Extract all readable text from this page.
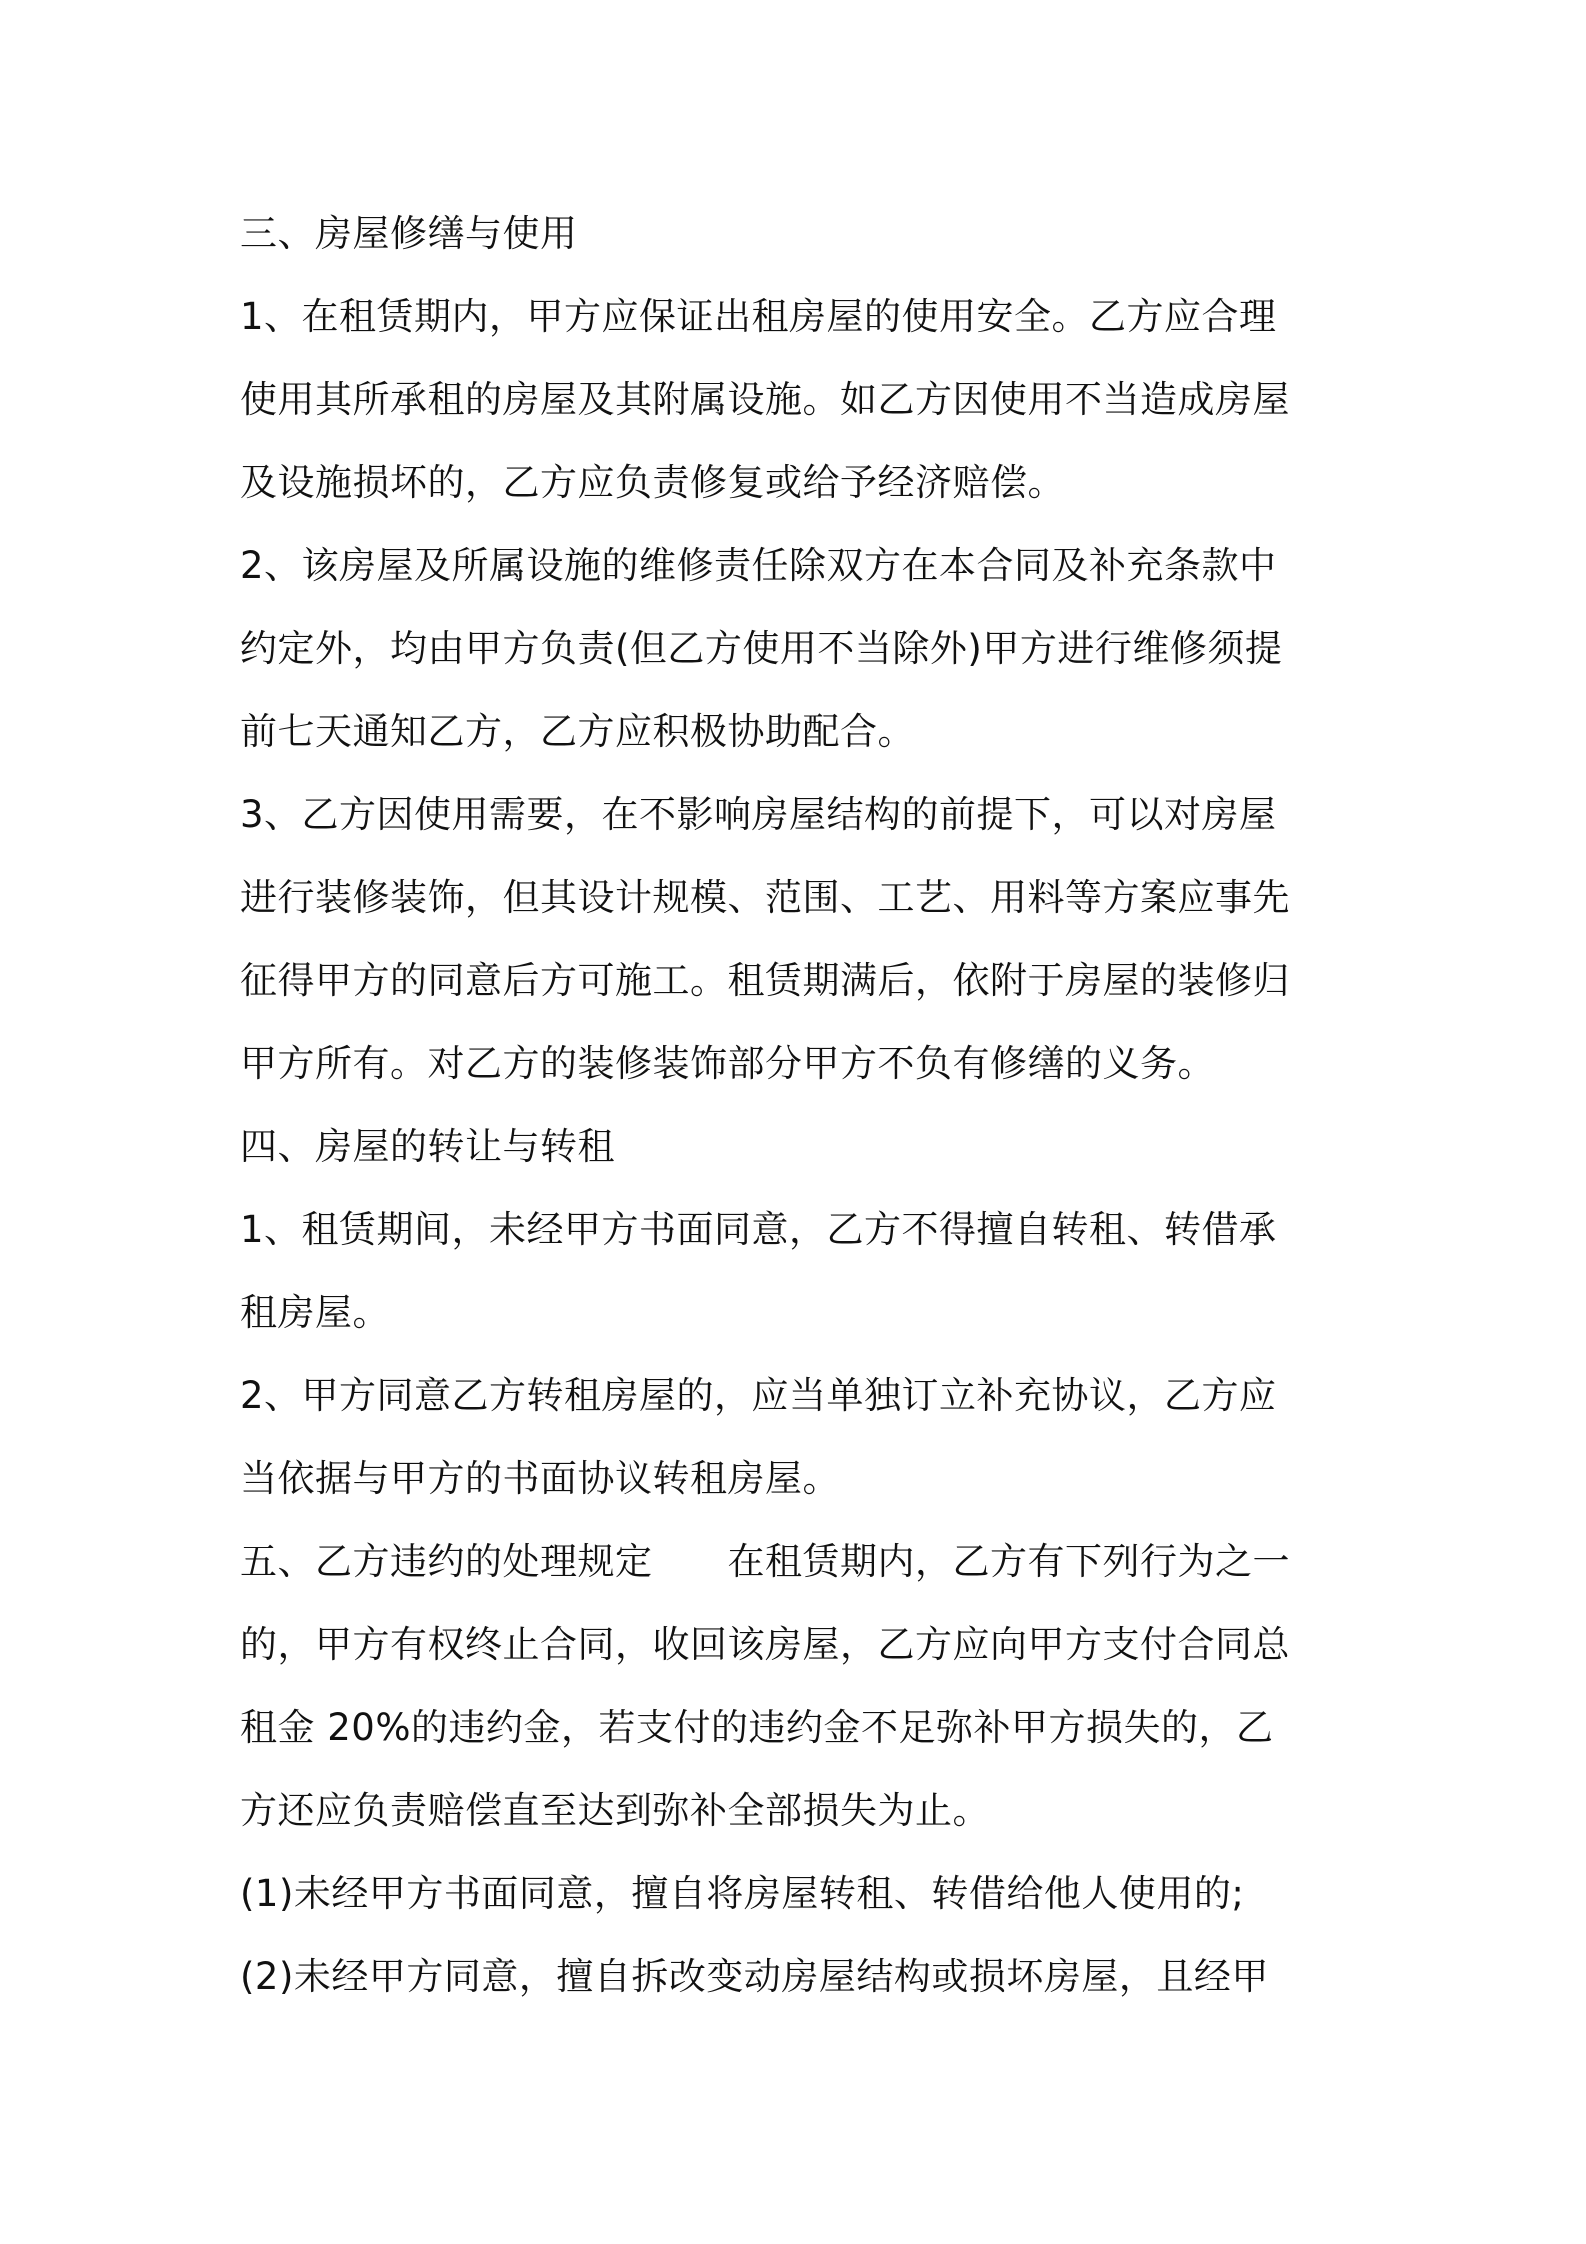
三、房屋修缮与使用
1、在租赁期内，甲方应保证出租房屋的使用安全。乙方应合理
使用其所承租的房屋及其附属设施。如乙方因使用不当造成房屋
及设施损坏的，乙方应负责修复或给予经济赔偿。
2、该房屋及所属设施的维修责任除双方在本合同及补充条款中
约定外，均由甲方负责(但乙方使用不当除外)甲方进行维修须提
前七天通知乙方，乙方应积极协助配合。
3、乙方因使用需要，在不影响房屋结构的前提下，可以对房屋
进行装修装饰，但其设计规模、范围、工艺、用料等方案应事先
征得甲方的同意后方可施工。租赁期满后，依附于房屋的装修归
甲方所有。对乙方的装修装饰部分甲方不负有修缮的义务。
四、房屋的转让与转租
1、租赁期间，未经甲方书面同意，乙方不得擅自转租、转借承
租房屋。
2、甲方同意乙方转租房屋的，应当单独订立补充协议，乙方应
当依据与甲方的书面协议转租房屋。
五、乙方违约的处理规定　　在租赁期内，乙方有下列行为之一
的，甲方有权终止合同，收回该房屋，乙方应向甲方支付合同总
租金 20%的违约金，若支付的违约金不足弥补甲方损失的，乙
方还应负责赔偿直至达到弥补全部损失为止。
(1)未经甲方书面同意，擅自将房屋转租、转借给他人使用的;
(2)未经甲方同意，擅自拆改变动房屋结构或损坏房屋，且经甲
